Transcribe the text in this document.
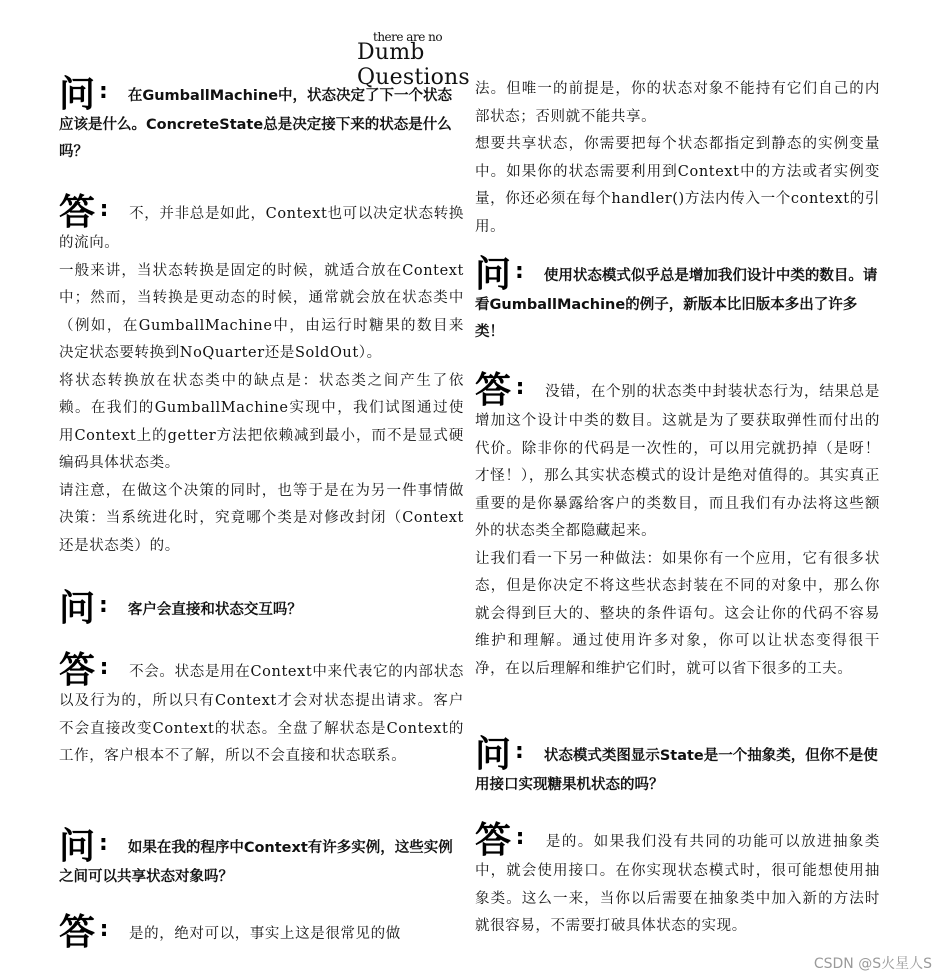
there are no
Dumb Questions
问 : 在GumballMachine中，状态决定了下一个状态应该是什么。ConcreteState总是决定接下来的状态是什么吗？
答 : 不，并非总是如此，Context也可以决定状态转换的流向。

一般来讲，当状态转换是固定的时候，就适合放在Context中；然而，当转换是更动态的时候，通常就会放在状态类中（例如，在GumballMachine中，由运行时糖果的数目来决定状态要转换到NoQuarter还是SoldOut）。

将状态转换放在状态类中的缺点是：状态类之间产生了依赖。在我们的GumballMachine实现中，我们试图通过使用Context上的getter方法把依赖减到最小，而不是显式硬编码具体状态类。

请注意，在做这个决策的同时，也等于是在为另一件事情做决策：当系统进化时，究竟哪个类是对修改封闭（Context还是状态类）的。

问 : 客户会直接和状态交互吗？
答 : 不会。状态是用在Context中来代表它的内部状态以及行为的，所以只有Context才会对状态提出请求。客户不会直接改变Context的状态。全盘了解状态是Context的工作，客户根本不了解，所以不会直接和状态联系。
问 : 如果在我的程序中Context有许多实例，这些实例之间可以共享状态对象吗？
答 : 是的，绝对可以，事实上这是很常见的做

法。但唯一的前提是，你的状态对象不能持有它们自己的内部状态；否则就不能共享。

想要共享状态，你需要把每个状态都指定到静态的实例变量中。如果你的状态需要利用到Context中的方法或者实例变量，你还必须在每个handler()方法内传入一个context的引用。

问 : 使用状态模式似乎总是增加我们设计中类的数目。请看GumballMachine的例子，新版本比旧版本多出了许多类！
答 : 没错，在个别的状态类中封装状态行为，结果总是增加这个设计中类的数目。这就是为了要获取弹性而付出的代价。除非你的代码是一次性的，可以用完就扔掉（是呀！才怪！），那么其实状态模式的设计是绝对值得的。其实真正重要的是你暴露给客户的类数目，而且我们有办法将这些额外的状态类全都隐藏起来。

让我们看一下另一种做法：如果你有一个应用，它有很多状态，但是你决定不将这些状态封装在不同的对象中，那么你就会得到巨大的、整块的条件语句。这会让你的代码不容易维护和理解。通过使用许多对象，你可以让状态变得很干净，在以后理解和维护它们时，就可以省下很多的工夫。

问 : 状态模式类图显示State是一个抽象类，但你不是使用接口实现糖果机状态的吗？
答 : 是的。如果我们没有共同的功能可以放进抽象类中，就会使用接口。在你实现状态模式时，很可能想使用抽象类。这么一来，当你以后需要在抽象类中加入新的方法时就很容易，不需要打破具体状态的实现。
CSDN @S火星人S
